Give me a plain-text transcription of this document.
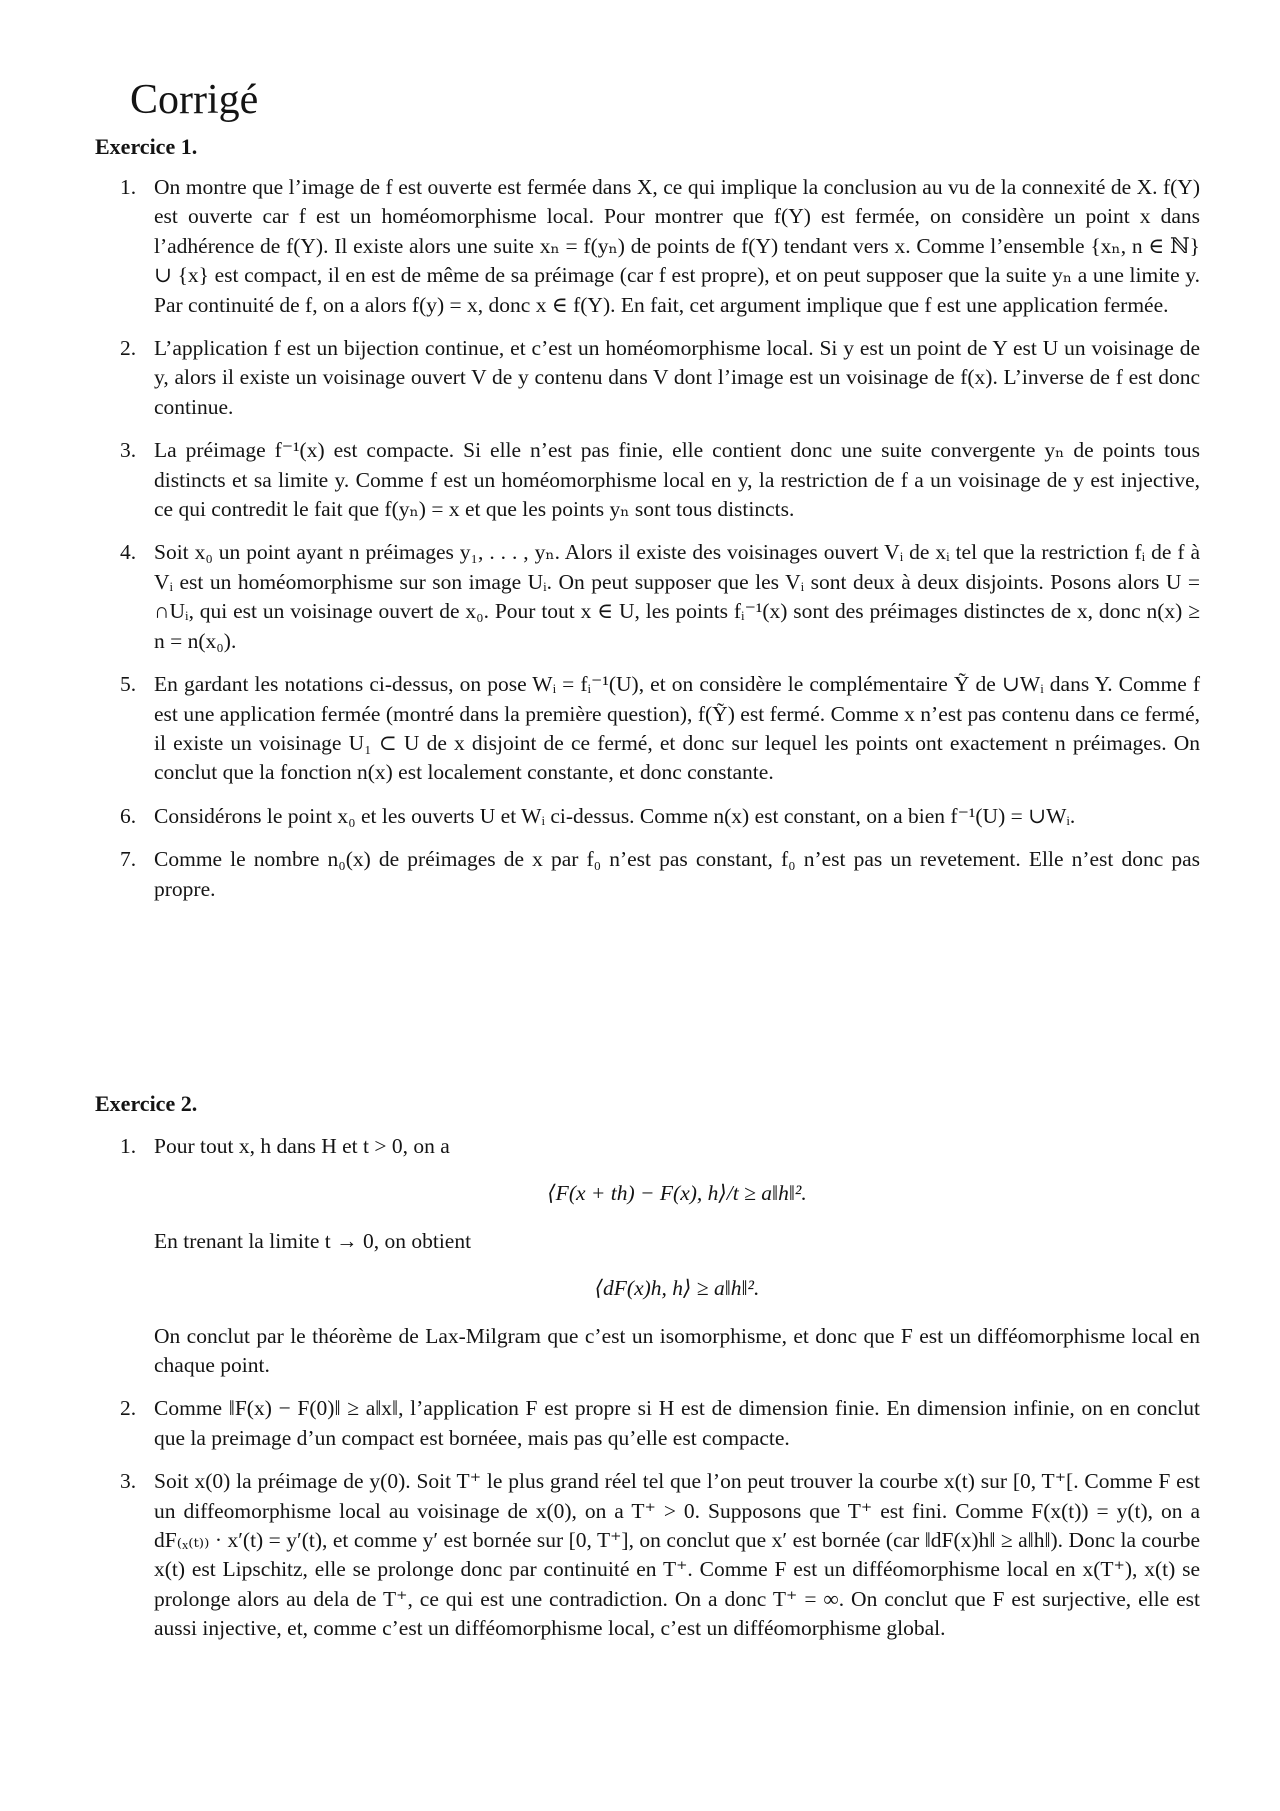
Corrigé
Exercice 1.
1. On montre que l’image de f est ouverte est fermée dans X, ce qui implique la conclusion au vu de la connexité de X. f(Y) est ouverte car f est un homéomorphisme local. Pour montrer que f(Y) est fermée, on considère un point x dans l’adhérence de f(Y). Il existe alors une suite xₙ = f(yₙ) de points de f(Y) tendant vers x. Comme l’ensemble {xₙ, n ∈ ℕ} ∪ {x} est compact, il en est de même de sa préimage (car f est propre), et on peut supposer que la suite yₙ a une limite y. Par continuité de f, on a alors f(y) = x, donc x ∈ f(Y). En fait, cet argument implique que f est une application fermée.

2. L’application f est un bijection continue, et c’est un homéomorphisme local. Si y est un point de Y est U un voisinage de y, alors il existe un voisinage ouvert V de y contenu dans V dont l’image est un voisinage de f(x). L’inverse de f est donc continue.

3. La préimage f⁻¹(x) est compacte. Si elle n’est pas finie, elle contient donc une suite convergente yₙ de points tous distincts et sa limite y. Comme f est un homéomorphisme local en y, la restriction de f a un voisinage de y est injective, ce qui contredit le fait que f(yₙ) = x et que les points yₙ sont tous distincts.

4. Soit x₀ un point ayant n préimages y₁, . . . , yₙ. Alors il existe des voisinages ouvert Vᵢ de xᵢ tel que la restriction fᵢ de f à Vᵢ est un homéomorphisme sur son image Uᵢ. On peut supposer que les Vᵢ sont deux à deux disjoints. Posons alors U = ∩Uᵢ, qui est un voisinage ouvert de x₀. Pour tout x ∈ U, les points fᵢ⁻¹(x) sont des préimages distinctes de x, donc n(x) ≥ n = n(x₀).

5. En gardant les notations ci-dessus, on pose Wᵢ = fᵢ⁻¹(U), et on considère le complémentaire Ỹ de ∪Wᵢ dans Y. Comme f est une application fermée (montré dans la première question), f(Ỹ) est fermé. Comme x n’est pas contenu dans ce fermé, il existe un voisinage U₁ ⊂ U de x disjoint de ce fermé, et donc sur lequel les points ont exactement n préimages. On conclut que la fonction n(x) est localement constante, et donc constante.

6. Considérons le point x₀ et les ouverts U et Wᵢ ci-dessus. Comme n(x) est constant, on a bien f⁻¹(U) = ∪Wᵢ.

7. Comme le nombre n₀(x) de préimages de x par f₀ n’est pas constant, f₀ n’est pas un revetement. Elle n’est donc pas propre.

Exercice 2.
1. Pour tout x, h dans H et t > 0, on a

⟨F(x + th) − F(x), h⟩/t ≥ a‖h‖².

En trenant la limite t → 0, on obtient

⟨dF(x)h, h⟩ ≥ a‖h‖².

On conclut par le théorème de Lax-Milgram que c’est un isomorphisme, et donc que F est un difféomorphisme local en chaque point.

2. Comme ‖F(x) − F(0)‖ ≥ a‖x‖, l’application F est propre si H est de dimension finie. En dimension infinie, on en conclut que la preimage d’un compact est bornéee, mais pas qu’elle est compacte.

3. Soit x(0) la préimage de y(0). Soit T⁺ le plus grand réel tel que l’on peut trouver la courbe x(t) sur [0, T⁺[. Comme F est un diffeomorphisme local au voisinage de x(0), on a T⁺ > 0. Supposons que T⁺ est fini. Comme F(x(t)) = y(t), on a dF₍ₓ₍ₜ₎₎ · x′(t) = y′(t), et comme y′ est bornée sur [0, T⁺], on conclut que x′ est bornée (car ‖dF(x)h‖ ≥ a‖h‖). Donc la courbe x(t) est Lipschitz, elle se prolonge donc par continuité en T⁺. Comme F est un difféomorphisme local en x(T⁺), x(t) se prolonge alors au dela de T⁺, ce qui est une contradiction. On a donc T⁺ = ∞. On conclut que F est surjective, elle est aussi injective, et, comme c’est un difféomorphisme local, c’est un difféomorphisme global.
